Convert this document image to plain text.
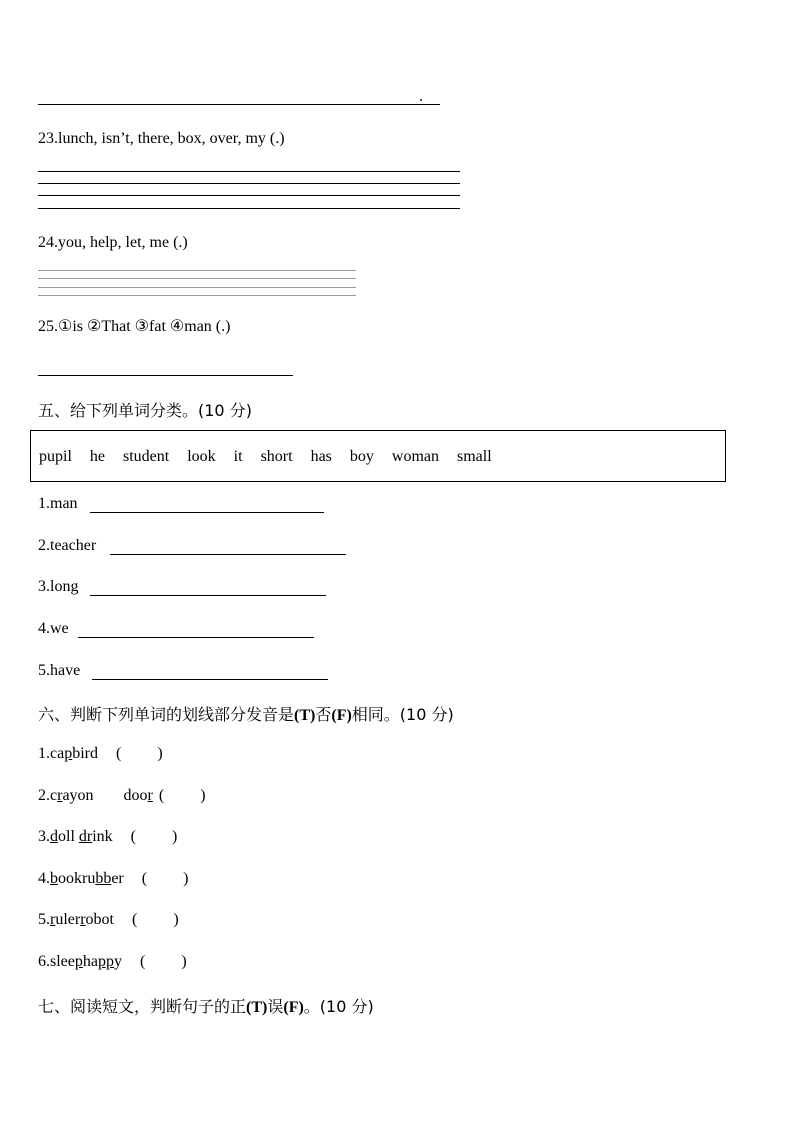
.
23.lunch, isn’t, there, box, over, my (.)
24.you, help, let, me (.)
25.①is ②That ③fat ④man (.)
五、给下列单词分类。(10 分)
pupil he student look it short has boy woman small
1.man
2.teacher
3.long
4.we
5.have
六、判断下列单词的划线部分发音是(T)否(F)相同。(10 分)
1.capbird ( )
2.crayon door ( )
3.doll drink ( )
4.bookrubber ( )
5.rulerrobot ( )
6.sleephappy ( )
七、阅读短文，判断句子的正(T)误(F)。(10 分)
